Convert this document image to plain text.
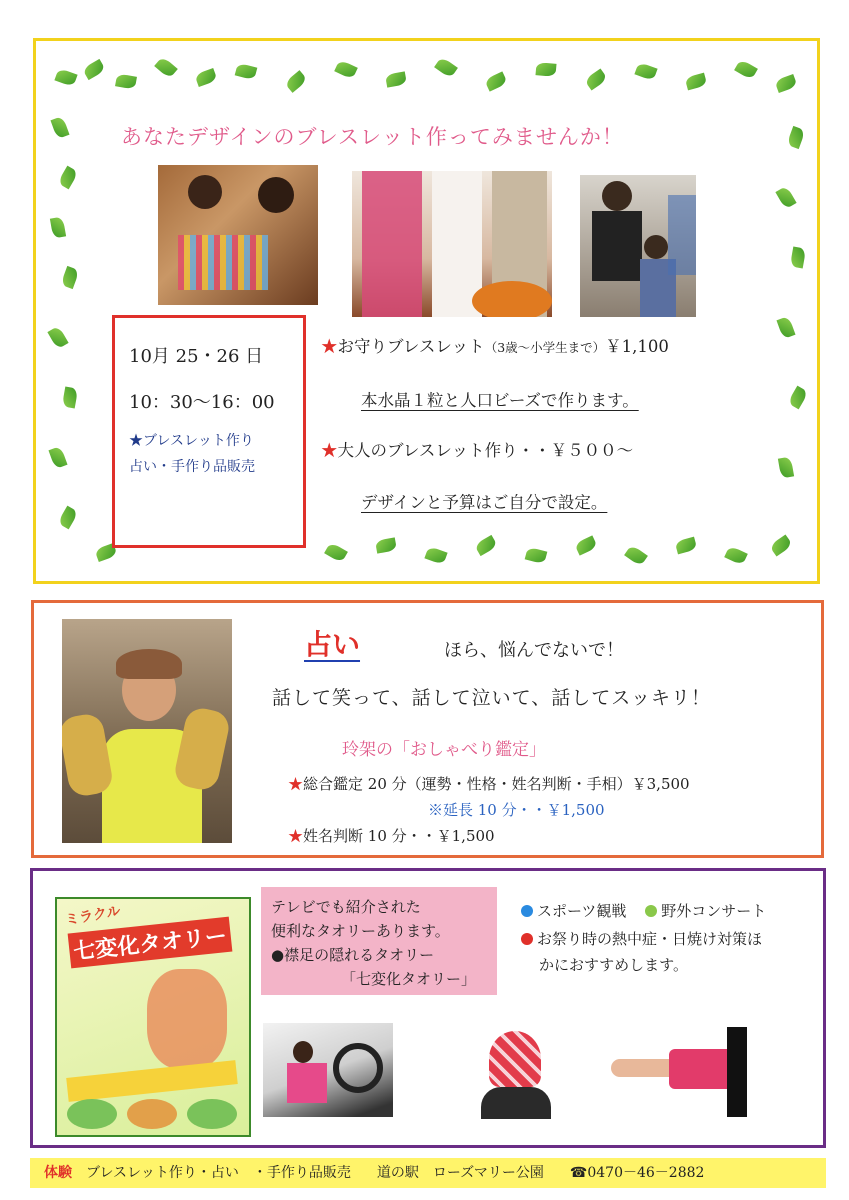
あなたデザインのブレスレット作ってみませんか！
10月 25・26 日
10：30〜16：00
★ブレスレット作り
占い・手作り品販売
★お守りブレスレット（3歳〜小学生まで）￥1,100
本水晶１粒と人口ビーズで作ります。
★大人のブレスレット作り・・￥５００〜
デザインと予算はご自分で設定。
占い	ほら、悩んでないで！
話して笑って、話して泣いて、話してスッキリ！
玲架の「おしゃべり鑑定」
★総合鑑定 20 分（運勢・性格・姓名判断・手相）￥3,500
※延長 10 分・・￥1,500
★姓名判断 10 分・・￥1,500
ミラクル
七変化タオリー
テレビでも紹介された
便利なタオリーあります。
●襟足の隠れるタオリー
「七変化タオリー」
スポーツ観戦 野外コンサート
お祭り時の熱中症・日焼け対策ほ
かにおすすめします。
体験 ブレスレット作り・占い　・手作り品販売 道の駅　ローズマリー公園 ☎0470－46－2882
